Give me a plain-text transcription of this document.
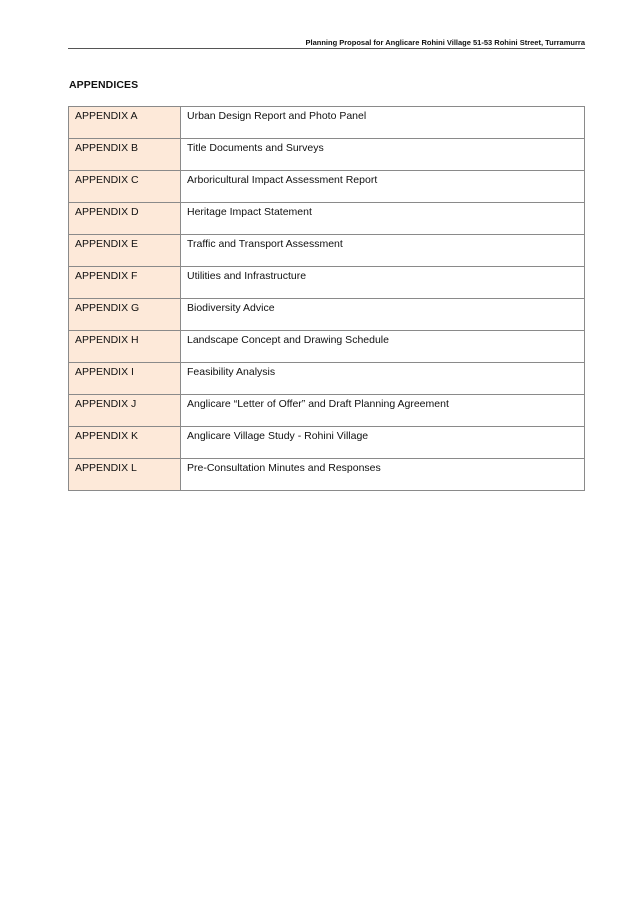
Planning Proposal for Anglicare Rohini Village 51-53 Rohini Street, Turramurra
APPENDICES
APPENDIX A	Urban Design Report and Photo Panel
APPENDIX B	Title Documents and Surveys
APPENDIX C	Arboricultural Impact Assessment Report
APPENDIX D	Heritage Impact Statement
APPENDIX E	Traffic and Transport Assessment
APPENDIX F	Utilities and Infrastructure
APPENDIX G	Biodiversity Advice
APPENDIX H	Landscape Concept and Drawing Schedule
APPENDIX I	Feasibility Analysis
APPENDIX J	Anglicare “Letter of Offer” and Draft Planning Agreement
APPENDIX K	Anglicare Village Study - Rohini Village
APPENDIX L	Pre-Consultation Minutes and Responses
